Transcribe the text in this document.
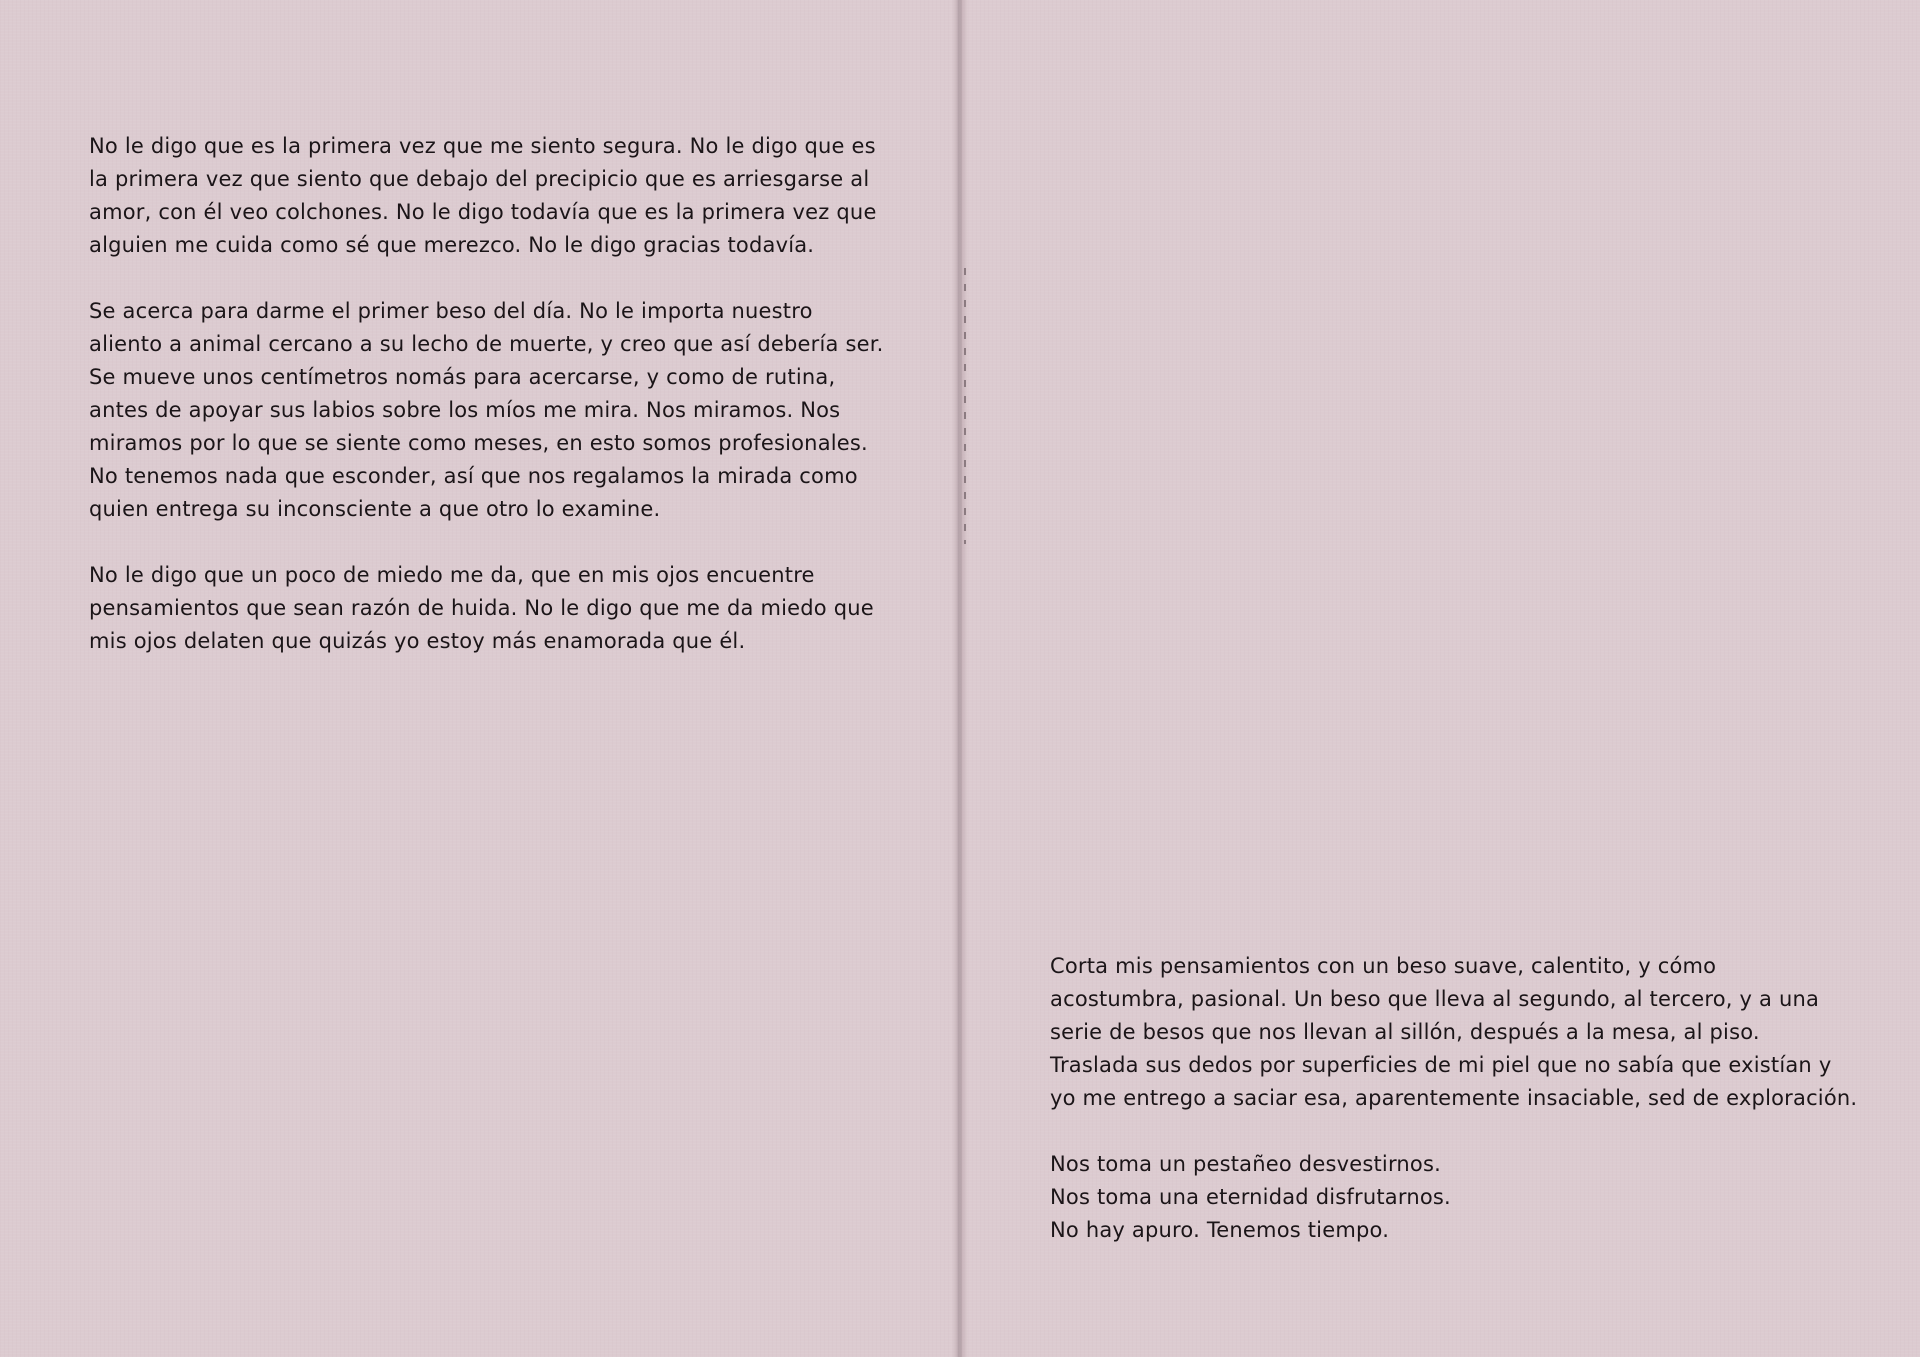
No le digo que es la primera vez que me siento segura. No le digo que es
la primera vez que siento que debajo del precipicio que es arriesgarse al
amor, con él veo colchones. No le digo todavía que es la primera vez que
alguien me cuida como sé que merezco. No le digo gracias todavía.

Se acerca para darme el primer beso del día. No le importa nuestro
aliento a animal cercano a su lecho de muerte, y creo que así debería ser.
Se mueve unos centímetros nomás para acercarse, y como de rutina,
antes de apoyar sus labios sobre los míos me mira. Nos miramos. Nos
miramos por lo que se siente como meses, en esto somos profesionales.
No tenemos nada que esconder, así que nos regalamos la mirada como
quien entrega su inconsciente a que otro lo examine.

No le digo que un poco de miedo me da, que en mis ojos encuentre
pensamientos que sean razón de huida. No le digo que me da miedo que
mis ojos delaten que quizás yo estoy más enamorada que él.

Corta mis pensamientos con un beso suave, calentito, y cómo
acostumbra, pasional. Un beso que lleva al segundo, al tercero, y a una
serie de besos que nos llevan al sillón, después a la mesa, al piso.
Traslada sus dedos por superficies de mi piel que no sabía que existían y
yo me entrego a saciar esa, aparentemente insaciable, sed de exploración.

Nos toma un pestañeo desvestirnos.
Nos toma una eternidad disfrutarnos.
No hay apuro. Tenemos tiempo.
